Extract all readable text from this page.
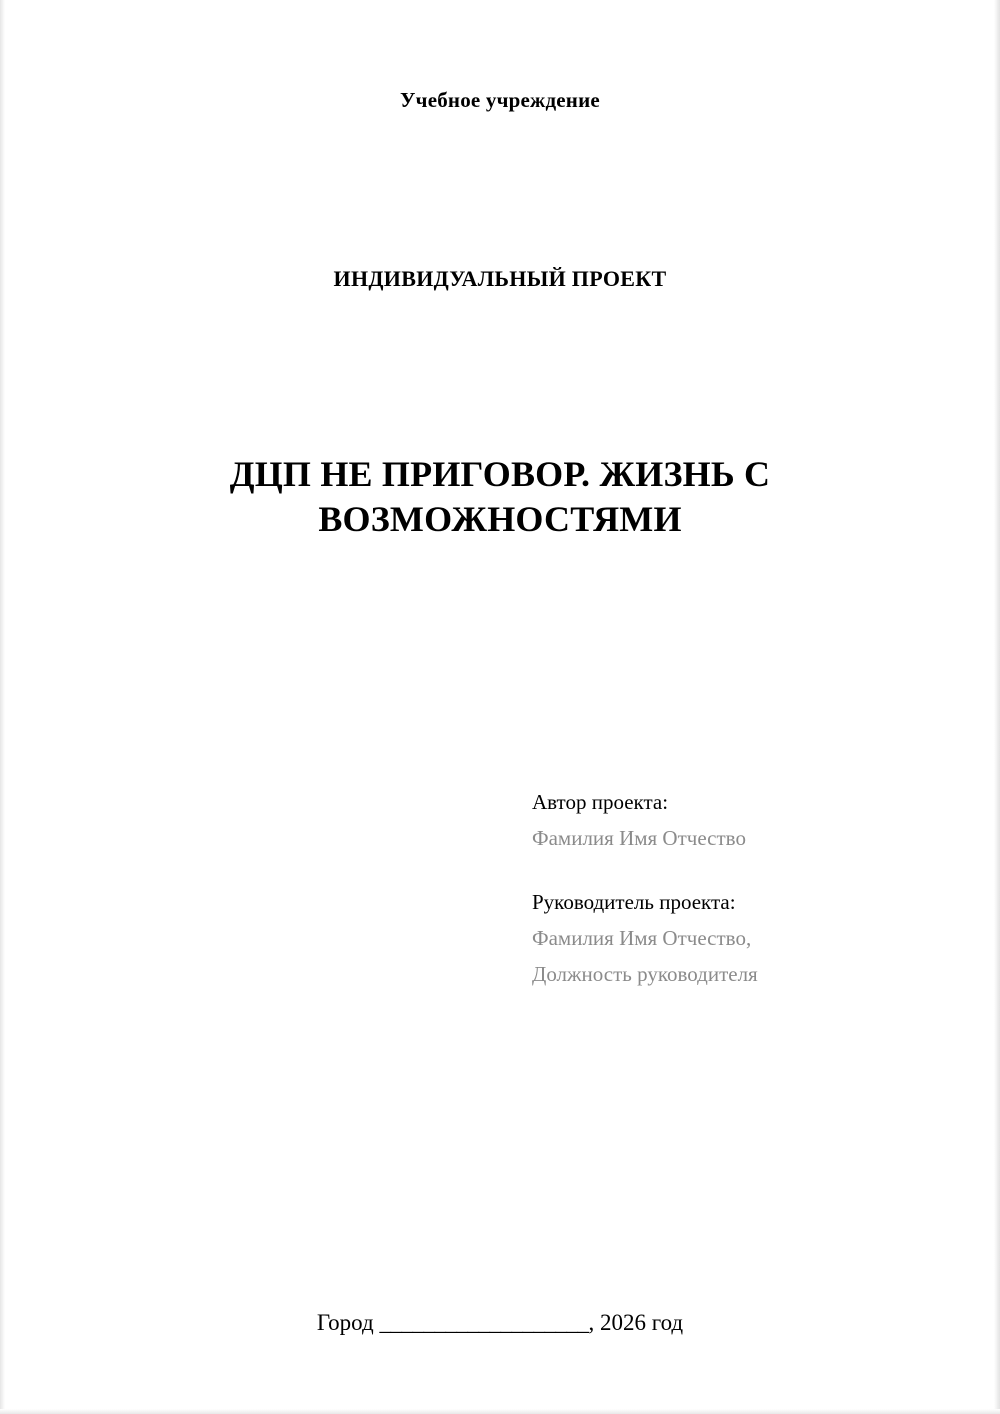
Учебное учреждение
ИНДИВИДУАЛЬНЫЙ ПРОЕКТ
ДЦП НЕ ПРИГОВОР. ЖИЗНЬ С ВОЗМОЖНОСТЯМИ
Автор проекта:
Фамилия Имя Отчество
Руководитель проекта:
Фамилия Имя Отчество,
Должность руководителя
Город ___________________, 2026 год
